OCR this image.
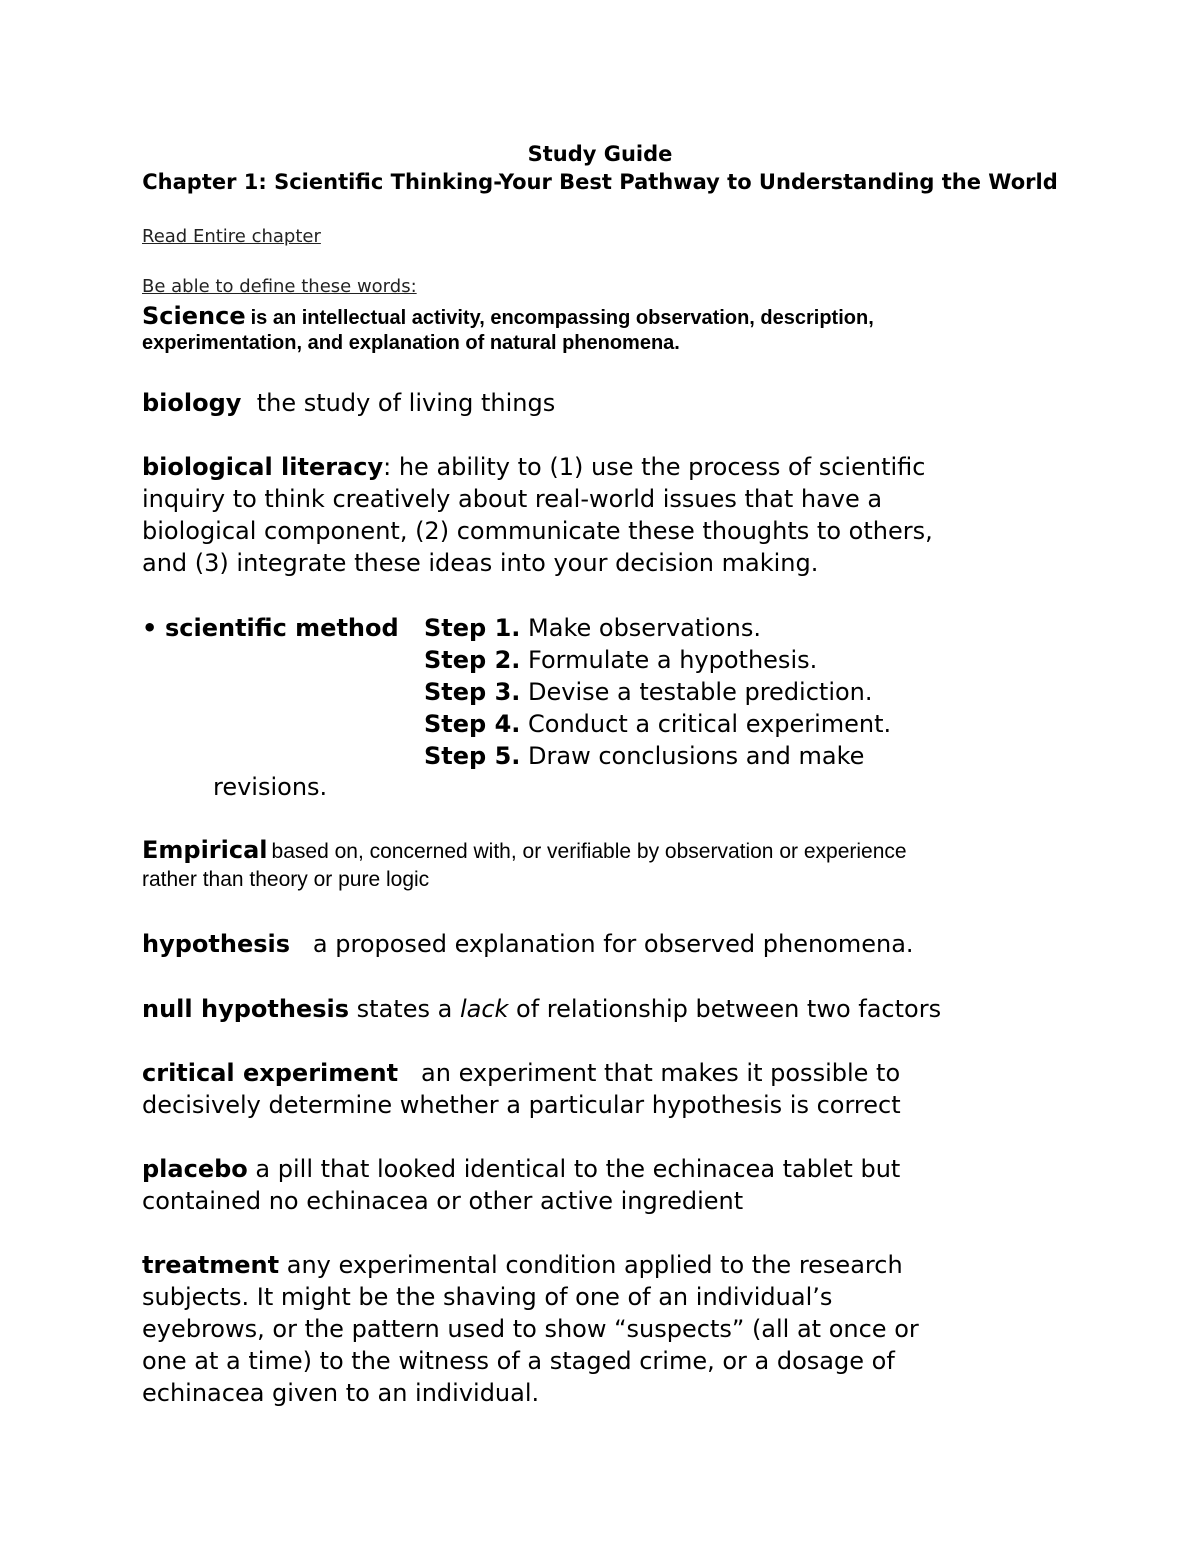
Study Guide
Chapter 1: Scientific Thinking-Your Best Pathway to Understanding the World
Read Entire chapter
Be able to define these words:
Science is an intellectual activity, encompassing observation, description,
experimentation, and explanation of natural phenomena.
biology the study of living things
biological literacy: he ability to (1) use the process of scientific
inquiry to think creatively about real-world issues that have a
biological component, (2) communicate these thoughts to others,
and (3) integrate these ideas into your decision making.
• scientific method Step 1. Make observations.
Step 2. Formulate a hypothesis.
Step 3. Devise a testable prediction.
Step 4. Conduct a critical experiment.
Step 5. Draw conclusions and make
revisions.
Empirical based on, concerned with, or verifiable by observation or experience
rather than theory or pure logic
hypothesis a proposed explanation for observed phenomena.
null hypothesis states a lack of relationship between two factors
critical experiment an experiment that makes it possible to
decisively determine whether a particular hypothesis is correct
placebo a pill that looked identical to the echinacea tablet but
contained no echinacea or other active ingredient
treatment any experimental condition applied to the research
subjects. It might be the shaving of one of an individual’s
eyebrows, or the pattern used to show “suspects” (all at once or
one at a time) to the witness of a staged crime, or a dosage of
echinacea given to an individual.
